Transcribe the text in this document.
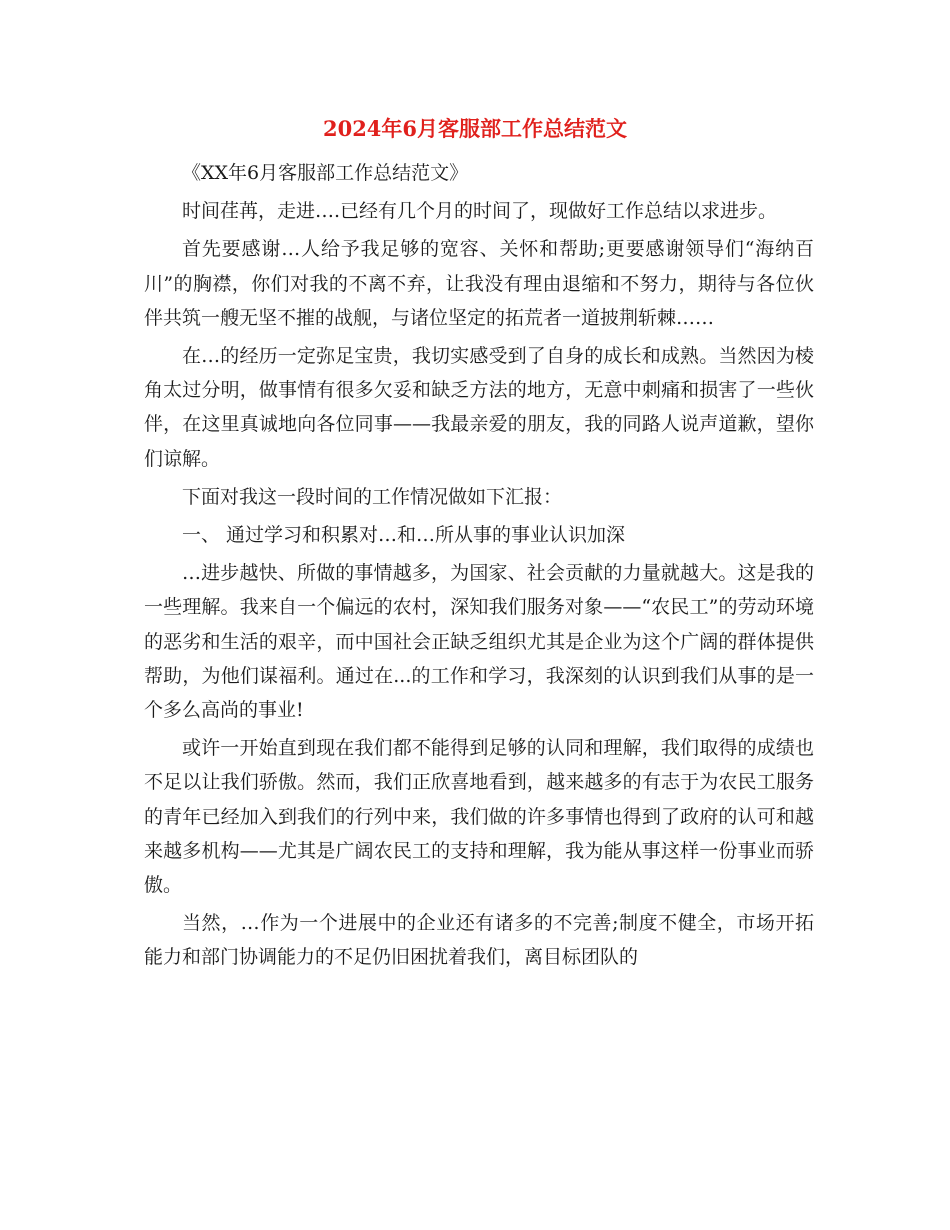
2024年6月客服部工作总结范文

《XX年6月客服部工作总结范文》

时间荏苒，走进….已经有几个月的时间了，现做好工作总结以求进步。

首先要感谢…人给予我足够的宽容、关怀和帮助;更要感谢领导们“海纳百川”的胸襟，你们对我的不离不弃，让我没有理由退缩和不努力，期待与各位伙伴共筑一艘无坚不摧的战舰，与诸位坚定的拓荒者一道披荆斩棘……

在…的经历一定弥足宝贵，我切实感受到了自身的成长和成熟。当然因为棱角太过分明，做事情有很多欠妥和缺乏方法的地方，无意中刺痛和损害了一些伙伴，在这里真诚地向各位同事——我最亲爱的朋友，我的同路人说声道歉，望你们谅解。

下面对我这一段时间的工作情况做如下汇报：

一、 通过学习和积累对…和…所从事的事业认识加深

…进步越快、所做的事情越多，为国家、社会贡献的力量就越大。这是我的一些理解。我来自一个偏远的农村，深知我们服务对象——“农民工”的劳动环境的恶劣和生活的艰辛，而中国社会正缺乏组织尤其是企业为这个广阔的群体提供帮助，为他们谋福利。通过在...的工作和学习，我深刻的认识到我们从事的是一个多么高尚的事业!

或许一开始直到现在我们都不能得到足够的认同和理解，我们取得的成绩也不足以让我们骄傲。然而，我们正欣喜地看到，越来越多的有志于为农民工服务的青年已经加入到我们的行列中来，我们做的许多事情也得到了政府的认可和越来越多机构——尤其是广阔农民工的支持和理解，我为能从事这样一份事业而骄傲。

当然，…作为一个进展中的企业还有诸多的不完善;制度不健全，市场开拓能力和部门协调能力的不足仍旧困扰着我们，离目标团队的
